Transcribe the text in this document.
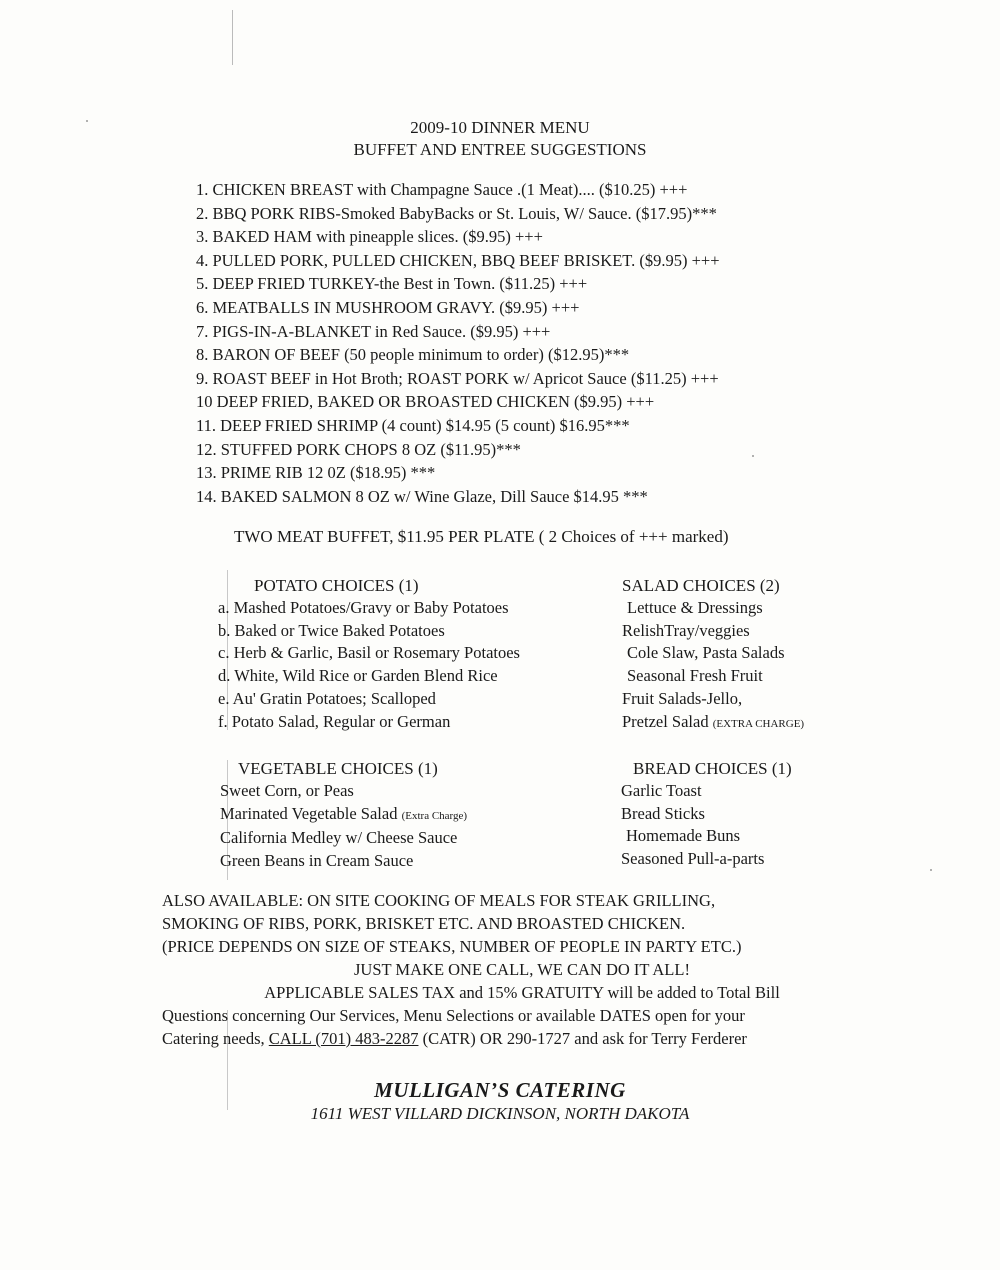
2009-10 DINNER MENU
BUFFET AND ENTREE SUGGESTIONS
1. CHICKEN BREAST with Champagne Sauce .(1 Meat).... ($10.25) +++
2. BBQ PORK RIBS-Smoked BabyBacks or St. Louis, W/ Sauce. ($17.95)***
3. BAKED HAM with pineapple slices. ($9.95) +++
4. PULLED PORK, PULLED CHICKEN, BBQ BEEF BRISKET. ($9.95) +++
5. DEEP FRIED TURKEY-the Best in Town. ($11.25) +++
6. MEATBALLS IN MUSHROOM GRAVY. ($9.95) +++
7. PIGS-IN-A-BLANKET in Red Sauce. ($9.95) +++
8. BARON OF BEEF (50 people minimum to order) ($12.95)***
9. ROAST BEEF in Hot Broth; ROAST PORK w/ Apricot Sauce ($11.25) +++
10 DEEP FRIED, BAKED OR BROASTED CHICKEN ($9.95) +++
11. DEEP FRIED SHRIMP (4 count) $14.95 (5 count) $16.95***
12. STUFFED PORK CHOPS 8 OZ ($11.95)***
13. PRIME RIB 12 0Z ($18.95) ***
14. BAKED SALMON 8 OZ w/ Wine Glaze, Dill Sauce $14.95 ***
TWO MEAT BUFFET, $11.95 PER PLATE ( 2 Choices of +++ marked)
POTATO CHOICES (1)
a. Mashed Potatoes/Gravy or Baby Potatoes
b. Baked or Twice Baked Potatoes
c. Herb & Garlic, Basil or Rosemary Potatoes
d. White, Wild Rice or Garden Blend Rice
e. Au' Gratin Potatoes; Scalloped
f. Potato Salad, Regular or German
SALAD CHOICES (2)
Lettuce & Dressings
RelishTray/veggies
Cole Slaw, Pasta Salads
Seasonal Fresh Fruit
Fruit Salads-Jello,
Pretzel Salad (EXTRA CHARGE)
VEGETABLE CHOICES (1)
Sweet Corn, or Peas
Marinated Vegetable Salad (Extra Charge)
California Medley w/ Cheese Sauce
Green Beans in Cream Sauce
BREAD CHOICES (1)
Garlic Toast
Bread Sticks
Homemade Buns
Seasoned Pull-a-parts
ALSO AVAILABLE: ON SITE COOKING OF MEALS FOR STEAK GRILLING,
SMOKING OF RIBS, PORK, BRISKET ETC. AND BROASTED CHICKEN.
(PRICE DEPENDS ON SIZE OF STEAKS, NUMBER OF PEOPLE IN PARTY ETC.)
JUST MAKE ONE CALL, WE CAN DO IT ALL!
APPLICABLE SALES TAX and 15% GRATUITY will be added to Total Bill
Questions concerning Our Services, Menu Selections or available DATES open for your
Catering needs, CALL (701) 483-2287 (CATR) OR 290-1727 and ask for Terry Ferderer
MULLIGAN’S CATERING
1611 WEST VILLARD DICKINSON, NORTH DAKOTA
